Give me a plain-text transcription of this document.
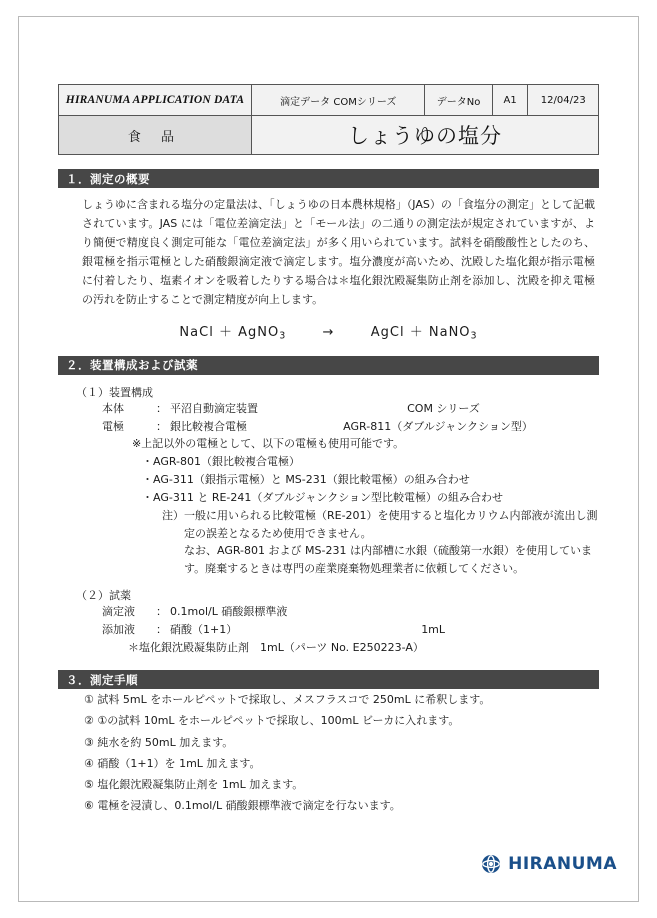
HIRANUMA APPLICATION DATA	滴定データ COMシリーズ	データNo	A1	12/04/23
食 品	しょうゆの塩分			
１．測定の概要
しょうゆに含まれる塩分の定量法は、「しょうゆの日本農林規格」（JAS）の「食塩分の測定」として記載されています。JAS には「電位差滴定法」と「モール法」の二通りの測定法が規定されていますが、より簡便で精度良く測定可能な「電位差滴定法」が多く用いられています。試料を硝酸酸性としたのち、銀電極を指示電極とした硝酸銀滴定液で滴定します。塩分濃度が高いため、沈殿した塩化銀が指示電極に付着したり、塩素イオンを吸着したりする場合は＊塩化銀沈殿凝集防止剤を添加し、沈殿を抑え電極の汚れを防止することで測定精度が向上します。
NaCl ＋ AgNO$_3$	→	AgCl ＋ NaNO$_3$
２．装置構成および試薬
（１）装置構成
本体	： 平沼自動滴定装置	COM シリーズ
電極	： 銀比較複合電極	AGR-811（ダブルジャンクション型）
※上記以外の電極として、以下の電極も使用可能です。
・AGR-801（銀比較複合電極）
・AG-311（銀指示電極）と MS-231（銀比較電極）の組み合わせ
・AG-311 と RE-241（ダブルジャンクション型比較電極）の組み合わせ
注）一般に用いられる比較電極（RE-201）を使用すると塩化カリウム内部液が流出し測定の誤差となるため使用できません。
なお、AGR-801 および MS-231 は内部槽に水銀（硫酸第一水銀）を使用しています。廃棄するときは専門の産業廃棄物処理業者に依頼してください。
（２）試薬
滴定液	： 0.1mol/L 硝酸銀標準液
添加液	： 硝酸（1+1）	1mL
＊塩化銀沈殿凝集防止剤　1mL（パーツ No. E250223-A）
３．測定手順
① 試料 5mL をホールピペットで採取し、メスフラスコで 250mL に希釈します。
② ①の試料 10mL をホールピペットで採取し、100mL ビーカに入れます。
③ 純水を約 50mL 加えます。
④ 硝酸（1+1）を 1mL 加えます。
⑤ 塩化銀沈殿凝集防止剤を 1mL 加えます。
⑥ 電極を浸漬し、0.1mol/L 硝酸銀標準液で滴定を行ないます。
HIRANUMA
